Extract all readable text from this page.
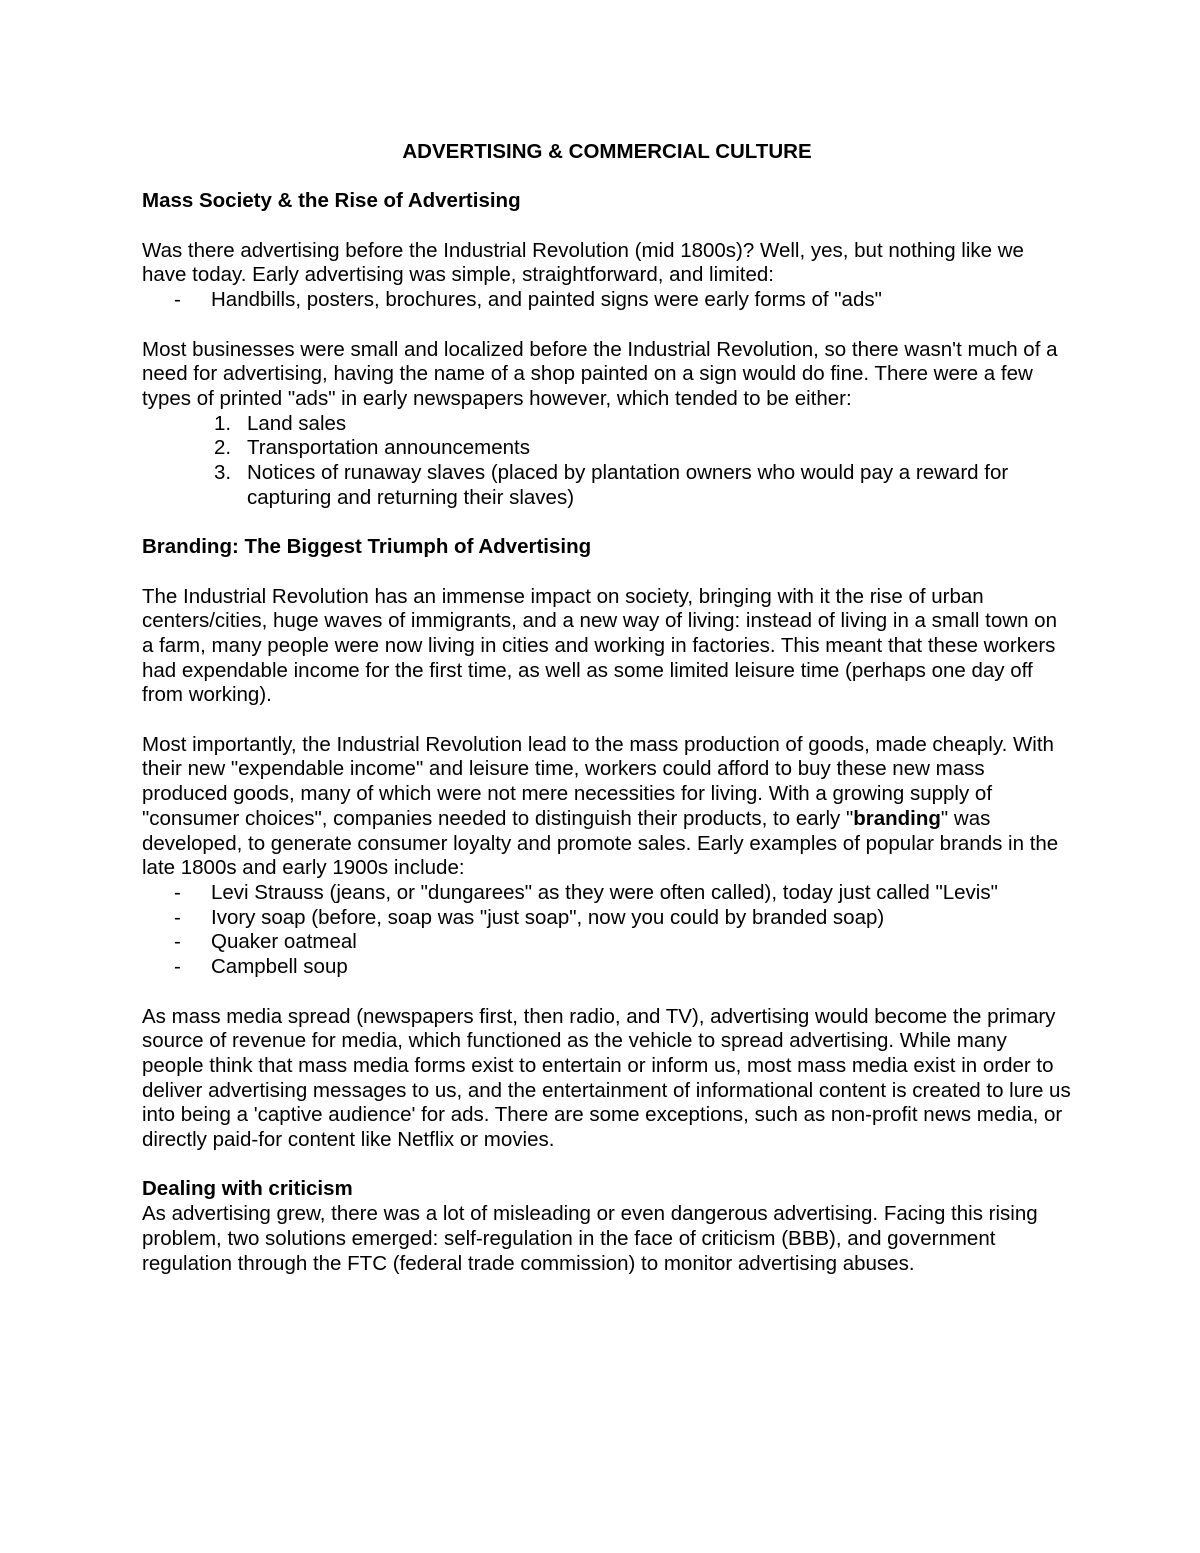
ADVERTISING & COMMERCIAL CULTURE
Mass Society & the Rise of Advertising

Was there advertising before the Industrial Revolution (mid 1800s)? Well, yes, but nothing like we have today. Early advertising was simple, straightforward, and limited:

- Handbills, posters, brochures, and painted signs were early forms of "ads"

Most businesses were small and localized before the Industrial Revolution, so there wasn't much of a need for advertising, having the name of a shop painted on a sign would do fine. There were a few types of printed "ads" in early newspapers however, which tended to be either:

1. Land sales
2. Transportation announcements
3. Notices of runaway slaves (placed by plantation owners who would pay a reward for capturing and returning their slaves)
Branding: The Biggest Triumph of Advertising

The Industrial Revolution has an immense impact on society, bringing with it the rise of urban centers/cities, huge waves of immigrants, and a new way of living: instead of living in a small town on a farm, many people were now living in cities and working in factories. This meant that these workers had expendable income for the first time, as well as some limited leisure time (perhaps one day off from working).

Most importantly, the Industrial Revolution lead to the mass production of goods, made cheaply. With their new "expendable income" and leisure time, workers could afford to buy these new mass produced goods, many of which were not mere necessities for living. With a growing supply of "consumer choices", companies needed to distinguish their products, to early "branding" was developed, to generate consumer loyalty and promote sales. Early examples of popular brands in the late 1800s and early 1900s include:

- Levi Strauss (jeans, or "dungarees" as they were often called), today just called "Levis"
- Ivory soap (before, soap was "just soap", now you could by branded soap)
- Quaker oatmeal
- Campbell soup

As mass media spread (newspapers first, then radio, and TV), advertising would become the primary source of revenue for media, which functioned as the vehicle to spread advertising. While many people think that mass media forms exist to entertain or inform us, most mass media exist in order to deliver advertising messages to us, and the entertainment of informational content is created to lure us into being a 'captive audience' for ads. There are some exceptions, such as non-profit news media, or directly paid-for content like Netflix or movies.

Dealing with criticism

As advertising grew, there was a lot of misleading or even dangerous advertising. Facing this rising problem, two solutions emerged: self-regulation in the face of criticism (BBB), and government regulation through the FTC (federal trade commission) to monitor advertising abuses.
